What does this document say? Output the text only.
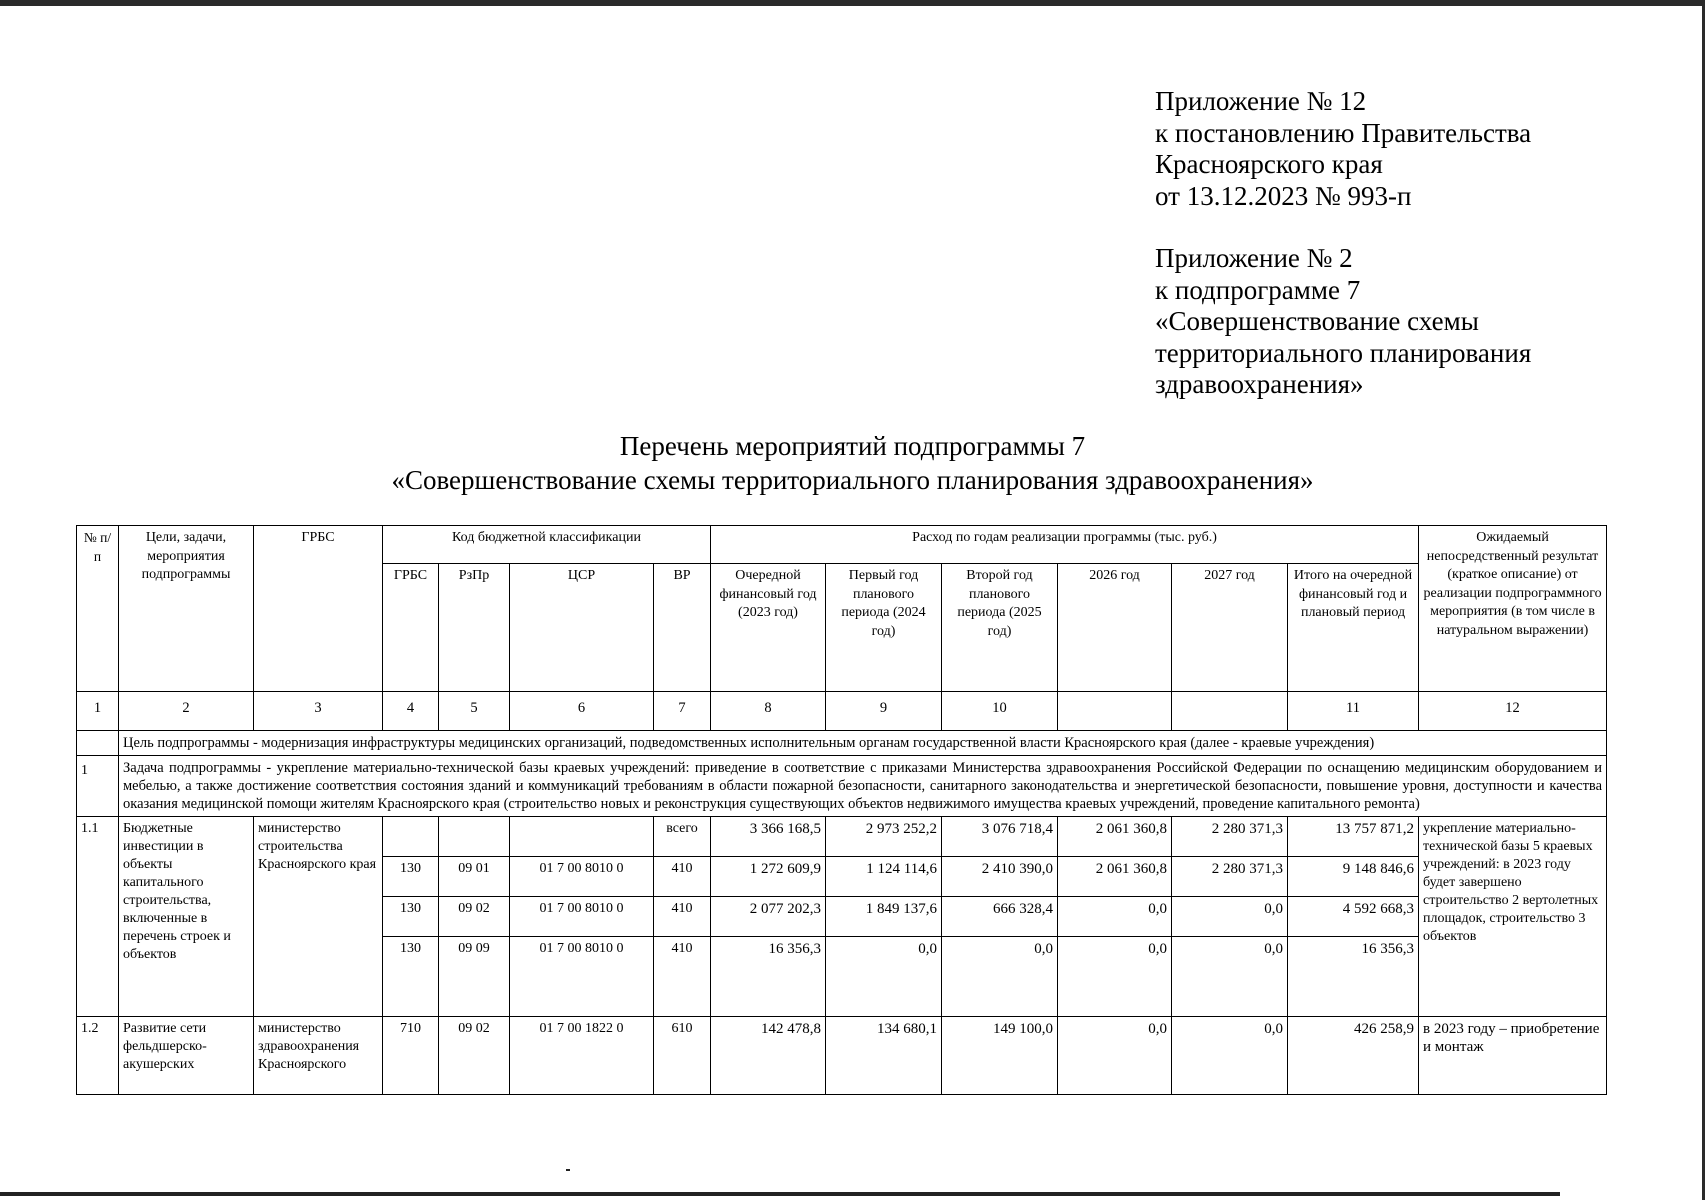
Приложение № 12
к постановлению Правительства
Красноярского края
от 13.12.2023 № 993-п
Приложение № 2
к подпрограмме 7
«Совершенствование схемы
территориального планирования
здравоохранения»
Перечень мероприятий подпрограммы 7
«Совершенствование схемы территориального планирования здравоохранения»
№ п/п	Цели, задачи, мероприятия подпрограммы	ГРБС	Код бюджетной классификации				Расход по годам реализации программы (тыс. руб.)						Ожидаемый непосредственный результат (краткое описание) от реализации подпрограммного мероприятия (в том числе в натуральном выражении)
			ГРБС	РзПр	ЦСР	ВР	Очередной финансовый год (2023 год)	Первый год планового периода (2024 год)	Второй год планового периода (2025 год)	2026 год	2027 год	Итого на очередной финансовый год и плановый период	
1	2	3	4	5	6	7	8	9	10			11	12
	Цель подпрограммы - модернизация инфраструктуры медицинских организаций, подведомственных исполнительным органам государственной власти Красноярского края (далее - краевые учреждения)												
1	Задача подпрограммы - укрепление материально-технической базы краевых учреждений: приведение в соответствие с приказами Министерства здравоохранения Российской Федерации по оснащению медицинским оборудованием и мебелью, а также достижение соответствия состояния зданий и коммуникаций требованиям в области пожарной безопасности, санитарного законодательства и энергетической безопасности, повышение уровня, доступности и качества оказания медицинской помощи жителям Красноярского края (строительство новых и реконструкция существующих объектов недвижимого имущества краевых учреждений, проведение капитального ремонта)												
1.1	Бюджетные инвестиции в объекты капитального строительства, включенные в перечень строек и объектов	министерство строительства Красноярского края				всего	3 366 168,5	2 973 252,2	3 076 718,4	2 061 360,8	2 280 371,3	13 757 871,2	укрепление материально-технической базы 5 краевых учреждений: в 2023 году будет завершено строительство 2 вертолетных площадок, строительство 3 объектов
			130	09 01	01 7 00 8010 0	410	1 272 609,9	1 124 114,6	2 410 390,0	2 061 360,8	2 280 371,3	9 148 846,6	
			130	09 02	01 7 00 8010 0	410	2 077 202,3	1 849 137,6	666 328,4	0,0	0,0	4 592 668,3	
			130	09 09	01 7 00 8010 0	410	16 356,3	0,0	0,0	0,0	0,0	16 356,3	
1.2	Развитие сети фельдшерско-акушерских	министерство здравоохранения Красноярского	710	09 02	01 7 00 1822 0	610	142 478,8	134 680,1	149 100,0	0,0	0,0	426 258,9	в 2023 году – приобретение и монтаж
